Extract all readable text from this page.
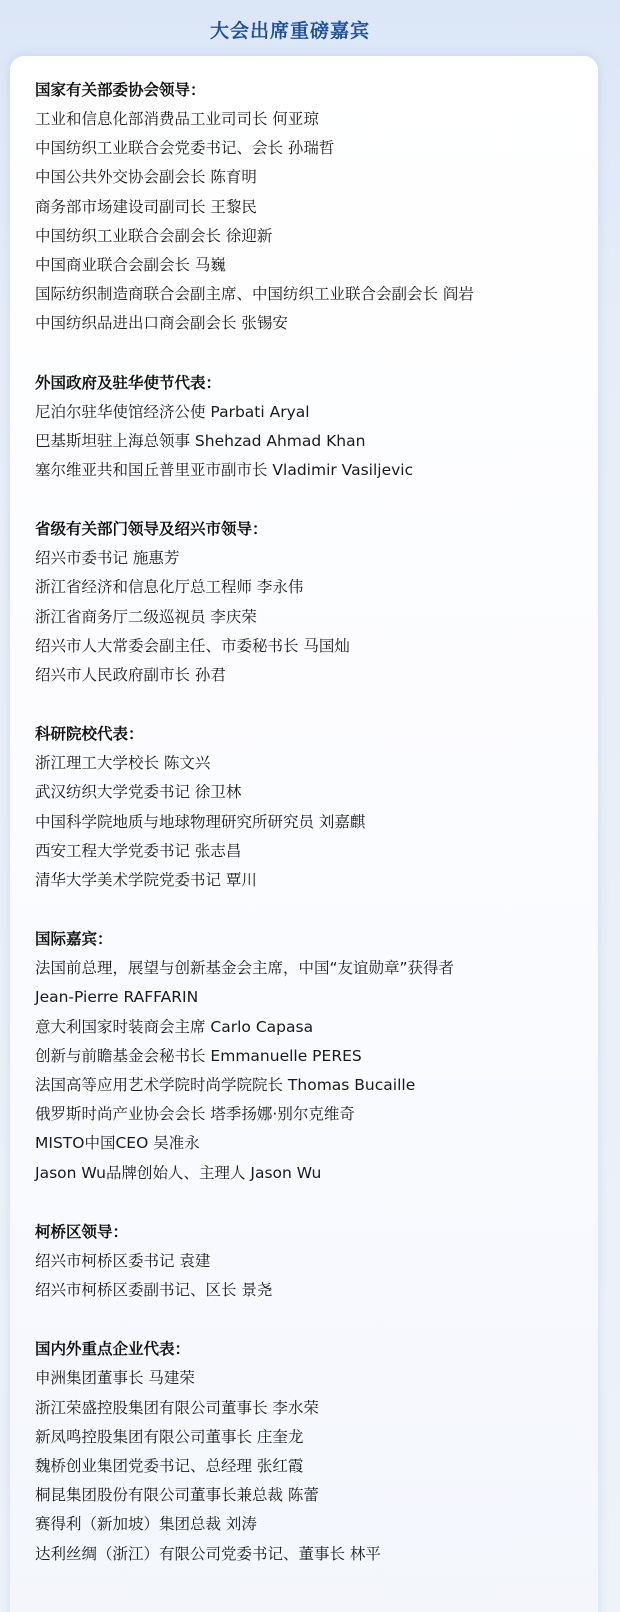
大会出席重磅嘉宾
国家有关部委协会领导：
工业和信息化部消费品工业司司长 何亚琼
中国纺织工业联合会党委书记、会长 孙瑞哲
中国公共外交协会副会长 陈育明
商务部市场建设司副司长 王黎民
中国纺织工业联合会副会长 徐迎新
中国商业联合会副会长 马巍
国际纺织制造商联合会副主席、中国纺织工业联合会副会长 阎岩
中国纺织品进出口商会副会长 张锡安
外国政府及驻华使节代表：
尼泊尔驻华使馆经济公使 Parbati Aryal
巴基斯坦驻上海总领事 Shehzad Ahmad Khan
塞尔维亚共和国丘普里亚市副市长 Vladimir Vasiljevic
省级有关部门领导及绍兴市领导：
绍兴市委书记 施惠芳
浙江省经济和信息化厅总工程师 李永伟
浙江省商务厅二级巡视员 李庆荣
绍兴市人大常委会副主任、市委秘书长 马国灿
绍兴市人民政府副市长 孙君
科研院校代表：
浙江理工大学校长 陈文兴
武汉纺织大学党委书记 徐卫林
中国科学院地质与地球物理研究所研究员 刘嘉麒
西安工程大学党委书记 张志昌
清华大学美术学院党委书记 覃川
国际嘉宾：
法国前总理，展望与创新基金会主席，中国“友谊勋章”获得者
Jean-Pierre RAFFARIN
意大利国家时装商会主席 Carlo Capasa
创新与前瞻基金会秘书长 Emmanuelle PERES
法国高等应用艺术学院时尚学院院长 Thomas Bucaille
俄罗斯时尚产业协会会长 塔季扬娜·别尔克维奇
MISTO中国CEO 吴准永
Jason Wu品牌创始人、主理人 Jason Wu
柯桥区领导：
绍兴市柯桥区委书记 袁建
绍兴市柯桥区委副书记、区长 景尧
国内外重点企业代表：
申洲集团董事长 马建荣
浙江荣盛控股集团有限公司董事长 李水荣
新凤鸣控股集团有限公司董事长 庄奎龙
魏桥创业集团党委书记、总经理 张红霞
桐昆集团股份有限公司董事长兼总裁 陈蕾
赛得利（新加坡）集团总裁 刘涛
达利丝绸（浙江）有限公司党委书记、董事长 林平
